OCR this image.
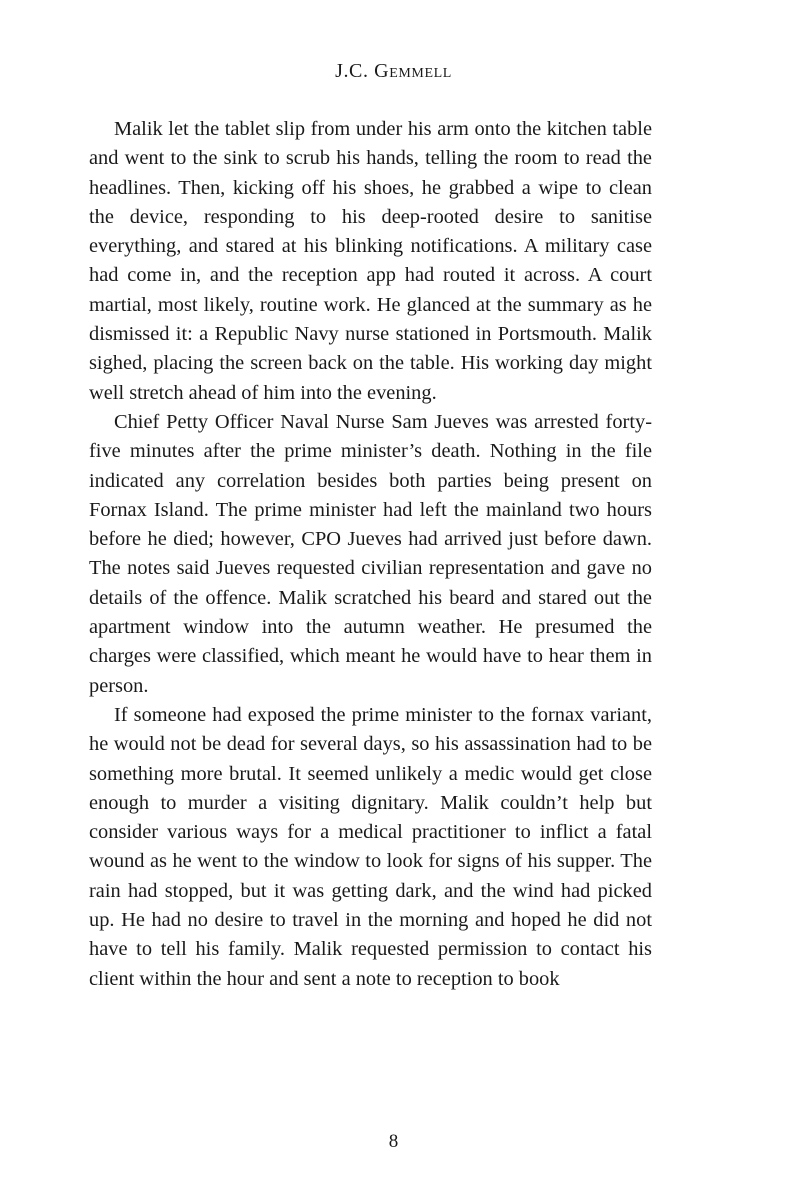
J.C. Gemmell

Malik let the tablet slip from under his arm onto the kitchen table and went to the sink to scrub his hands, telling the room to read the headlines. Then, kicking off his shoes, he grabbed a wipe to clean the device, responding to his deep-rooted desire to sanitise everything, and stared at his blinking notifications. A military case had come in, and the reception app had routed it across. A court martial, most likely, routine work. He glanced at the summary as he dismissed it: a Republic Navy nurse stationed in Portsmouth. Malik sighed, placing the screen back on the table. His working day might well stretch ahead of him into the evening.

Chief Petty Officer Naval Nurse Sam Jueves was arrested forty-five minutes after the prime minister’s death. Nothing in the file indicated any correlation besides both parties being present on Fornax Island. The prime minister had left the mainland two hours before he died; however, CPO Jueves had arrived just before dawn. The notes said Jueves requested civilian representation and gave no details of the offence. Malik scratched his beard and stared out the apartment window into the autumn weather. He presumed the charges were classified, which meant he would have to hear them in person.

If someone had exposed the prime minister to the fornax variant, he would not be dead for several days, so his assassination had to be something more brutal. It seemed unlikely a medic would get close enough to murder a visiting dignitary. Malik couldn’t help but consider various ways for a medical practitioner to inflict a fatal wound as he went to the window to look for signs of his supper. The rain had stopped, but it was getting dark, and the wind had picked up. He had no desire to travel in the morning and hoped he did not have to tell his family. Malik requested permission to contact his client within the hour and sent a note to reception to book

8
